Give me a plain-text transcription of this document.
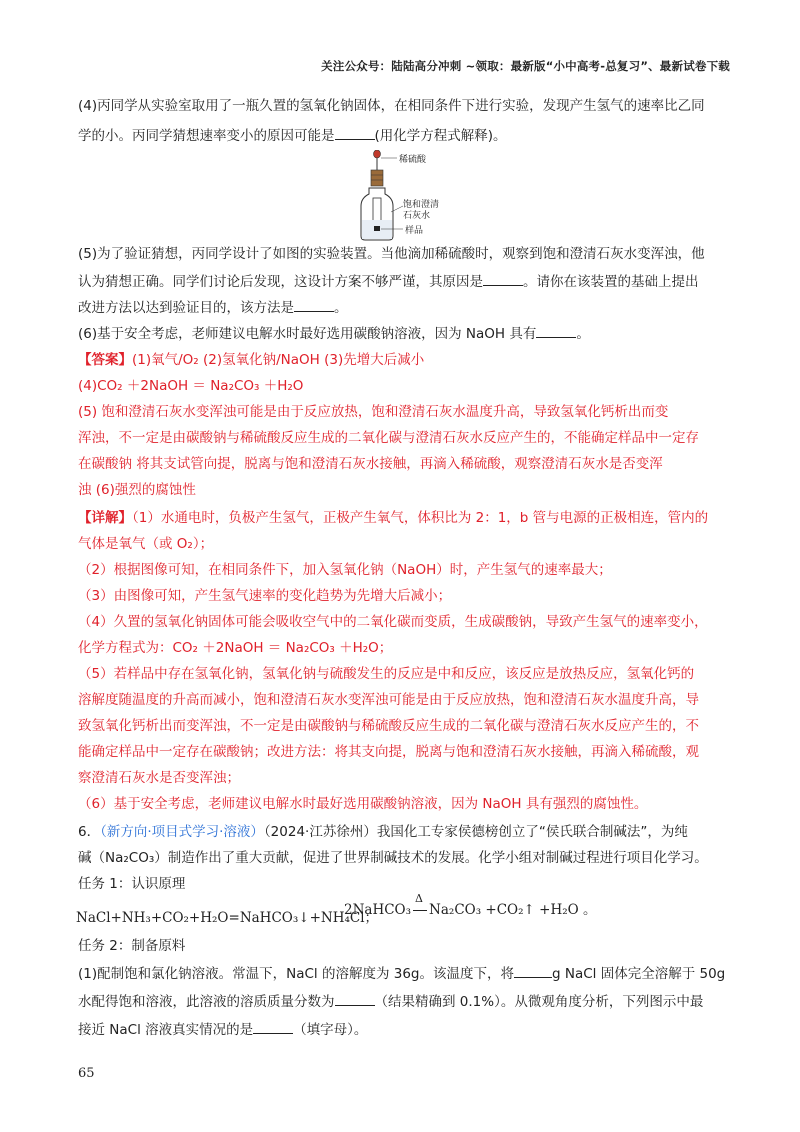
关注公众号：陆陆高分冲刺 ~领取：最新版“小中高考-总复习”、最新试卷下载
(4)丙同学从实验室取用了一瓶久置的氢氧化钠固体，在相同条件下进行实验，发现产生氢气的速率比乙同
学的小。丙同学猜想速率变小的原因可能是	(用化学方程式解释)。
稀硫酸
饱和澄清
石灰水
样品
(5)为了验证猜想，丙同学设计了如图的实验装置。当他滴加稀硫酸时，观察到饱和澄清石灰水变浑浊，他
认为猜想正确。同学们讨论后发现，这设计方案不够严谨，其原因是	。请你在该装置的基础上提出
改进方法以达到验证目的，该方法是	。
(6)基于安全考虑，老师建议电解水时最好选用碳酸钠溶液，因为 NaOH 具有	。
【答案】(1)氧气/O₂ (2)氢氧化钠/NaOH (3)先增大后减小
(4)CO₂ ＋2NaOH ＝ Na₂CO₃ ＋H₂O
(5) 饱和澄清石灰水变浑浊可能是由于反应放热，饱和澄清石灰水温度升高，导致氢氧化钙析出而变
浑浊，不一定是由碳酸钠与稀硫酸反应生成的二氧化碳与澄清石灰水反应产生的，不能确定样品中一定存
在碳酸钠 将其支试管向提，脱离与饱和澄清石灰水接触，再滴入稀硫酸，观察澄清石灰水是否变浑
浊 (6)强烈的腐蚀性
【详解】（1）水通电时，负极产生氢气，正极产生氧气，体积比为 2：1，b 管与电源的正极相连，管内的
气体是氧气（或 O₂）；
（2）根据图像可知，在相同条件下，加入氢氧化钠（NaOH）时，产生氢气的速率最大；
（3）由图像可知，产生氢气速率的变化趋势为先增大后减小；
（4）久置的氢氧化钠固体可能会吸收空气中的二氧化碳而变质，生成碳酸钠，导致产生氢气的速率变小，
化学方程式为：CO₂ ＋2NaOH ＝ Na₂CO₃ ＋H₂O；
（5）若样品中存在氢氧化钠，氢氧化钠与硫酸发生的反应是中和反应，该反应是放热反应，氢氧化钙的
溶解度随温度的升高而减小，饱和澄清石灰水变浑浊可能是由于反应放热，饱和澄清石灰水温度升高，导
致氢氧化钙析出而变浑浊，不一定是由碳酸钠与稀硫酸反应生成的二氧化碳与澄清石灰水反应产生的，不
能确定样品中一定存在碳酸钠；改进方法：将其支向提，脱离与饱和澄清石灰水接触，再滴入稀硫酸，观
察澄清石灰水是否变浑浊；
（6）基于安全考虑，老师建议电解水时最好选用碳酸钠溶液，因为 NaOH 具有强烈的腐蚀性。
6．（新方向·项目式学习·溶液）（2024·江苏徐州）我国化工专家侯德榜创立了“侯氏联合制碱法”，为纯
碱（Na₂CO₃）制造作出了重大贡献，促进了世界制碱技术的发展。化学小组对制碱过程进行项目化学习。
任务 1：认识原理
NaCl+NH₃+CO₂+H₂O=NaHCO₃↓+NH₄Cl；
2NaHCO₃
Δ
Na₂CO₃ +CO₂↑ +H₂O 。
任务 2：制备原料
(1)配制饱和氯化钠溶液。常温下，NaCl 的溶解度为 36g。该温度下，将	g NaCl 固体完全溶解于 50g
水配得饱和溶液，此溶液的溶质质量分数为	（结果精确到 0.1%）。从微观角度分析，下列图示中最
接近 NaCl 溶液真实情况的是	（填字母）。
65
